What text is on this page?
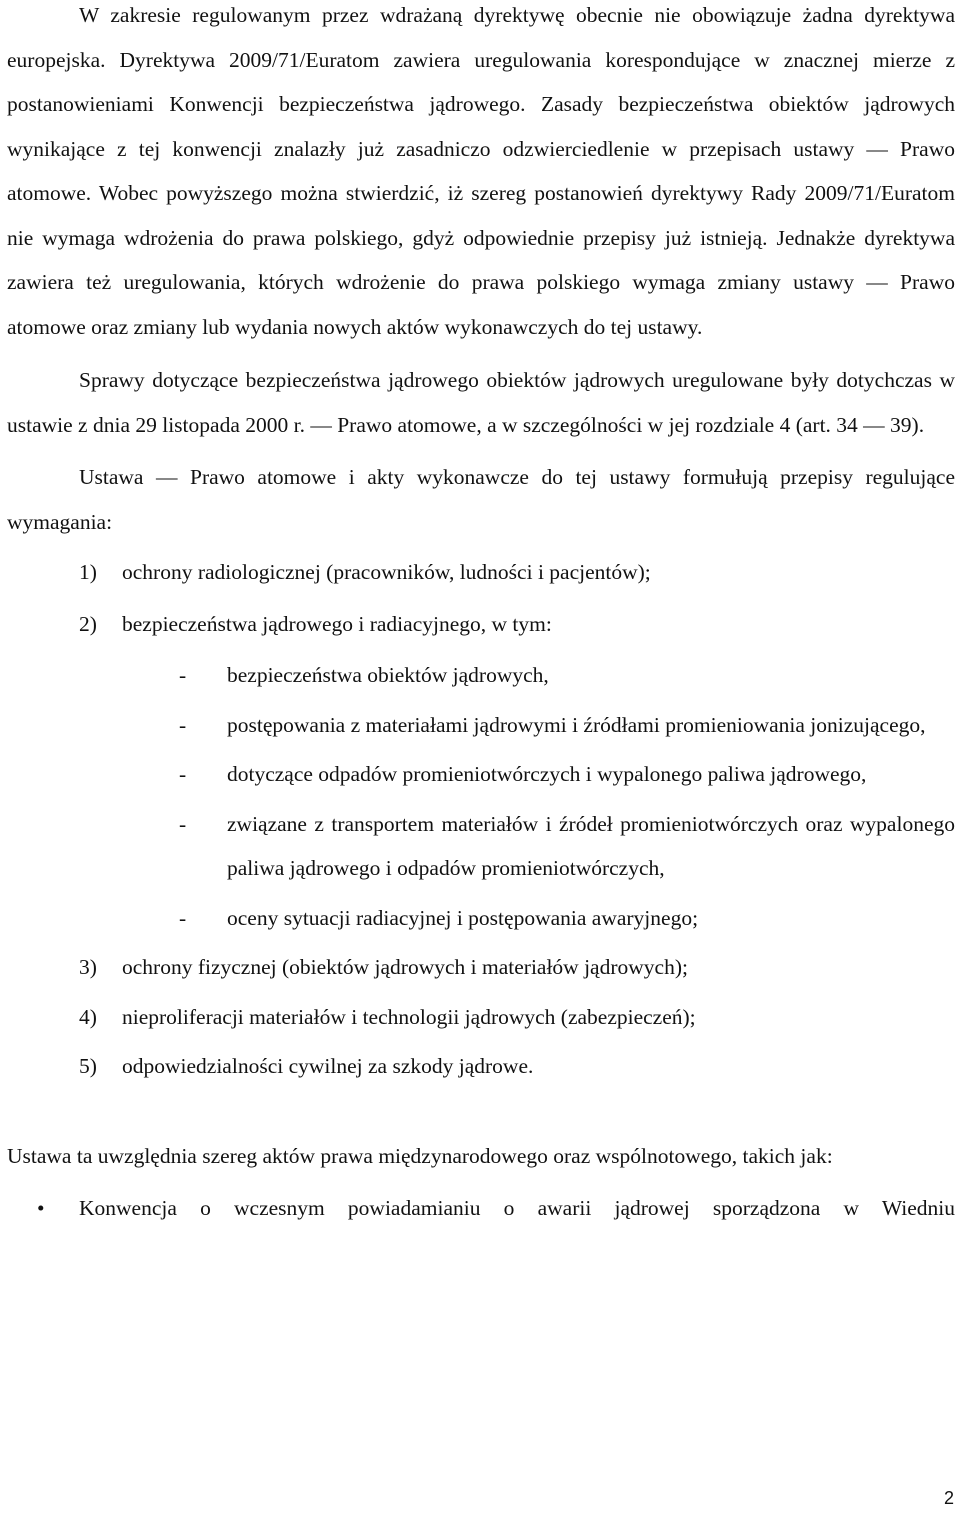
W zakresie regulowanym przez wdrażaną dyrektywę obecnie nie obowiązuje żadna dyrektywa europejska. Dyrektywa 2009/71/Euratom zawiera uregulowania korespondujące w znacznej mierze z postanowieniami Konwencji bezpieczeństwa jądrowego. Zasady bezpieczeństwa obiektów jądrowych wynikające z tej konwencji znalazły już zasadniczo odzwierciedlenie w przepisach ustawy — Prawo atomowe. Wobec powyższego można stwierdzić, iż szereg postanowień dyrektywy Rady 2009/71/Euratom nie wymaga wdrożenia do prawa polskiego, gdyż odpowiednie przepisy już istnieją. Jednakże dyrektywa zawiera też uregulowania, których wdrożenie do prawa polskiego wymaga zmiany ustawy — Prawo atomowe oraz zmiany lub wydania nowych aktów wykonawczych do tej ustawy.

Sprawy dotyczące bezpieczeństwa jądrowego obiektów jądrowych uregulowane były dotychczas w ustawie z dnia 29 listopada 2000 r. — Prawo atomowe, a w szczególności w jej rozdziale 4 (art. 34 — 39).

Ustawa — Prawo atomowe i akty wykonawcze do tej ustawy formułują przepisy regulujące wymagania:

1)	ochrony radiologicznej (pracowników, ludności i pacjentów);
2)	bezpieczeństwa jądrowego i radiacyjnego, w tym:
-	bezpieczeństwa obiektów jądrowych,
-	postępowania z materiałami jądrowymi i źródłami promieniowania jonizującego,
-	dotyczące odpadów promieniotwórczych i wypalonego paliwa jądrowego,
-	związane z transportem materiałów i źródeł promieniotwórczych oraz wypalonego paliwa jądrowego i odpadów promieniotwórczych,
-	oceny sytuacji radiacyjnej i postępowania awaryjnego;
3)	ochrony fizycznej (obiektów jądrowych i materiałów jądrowych);
4)	nieproliferacji materiałów i technologii jądrowych (zabezpieczeń);
5)	odpowiedzialności cywilnej za szkody jądrowe.

Ustawa ta uwzględnia szereg aktów prawa międzynarodowego oraz wspólnotowego, takich jak:

•	Konwencja o wczesnym powiadamianiu o awarii jądrowej sporządzona w Wiedniu
2
